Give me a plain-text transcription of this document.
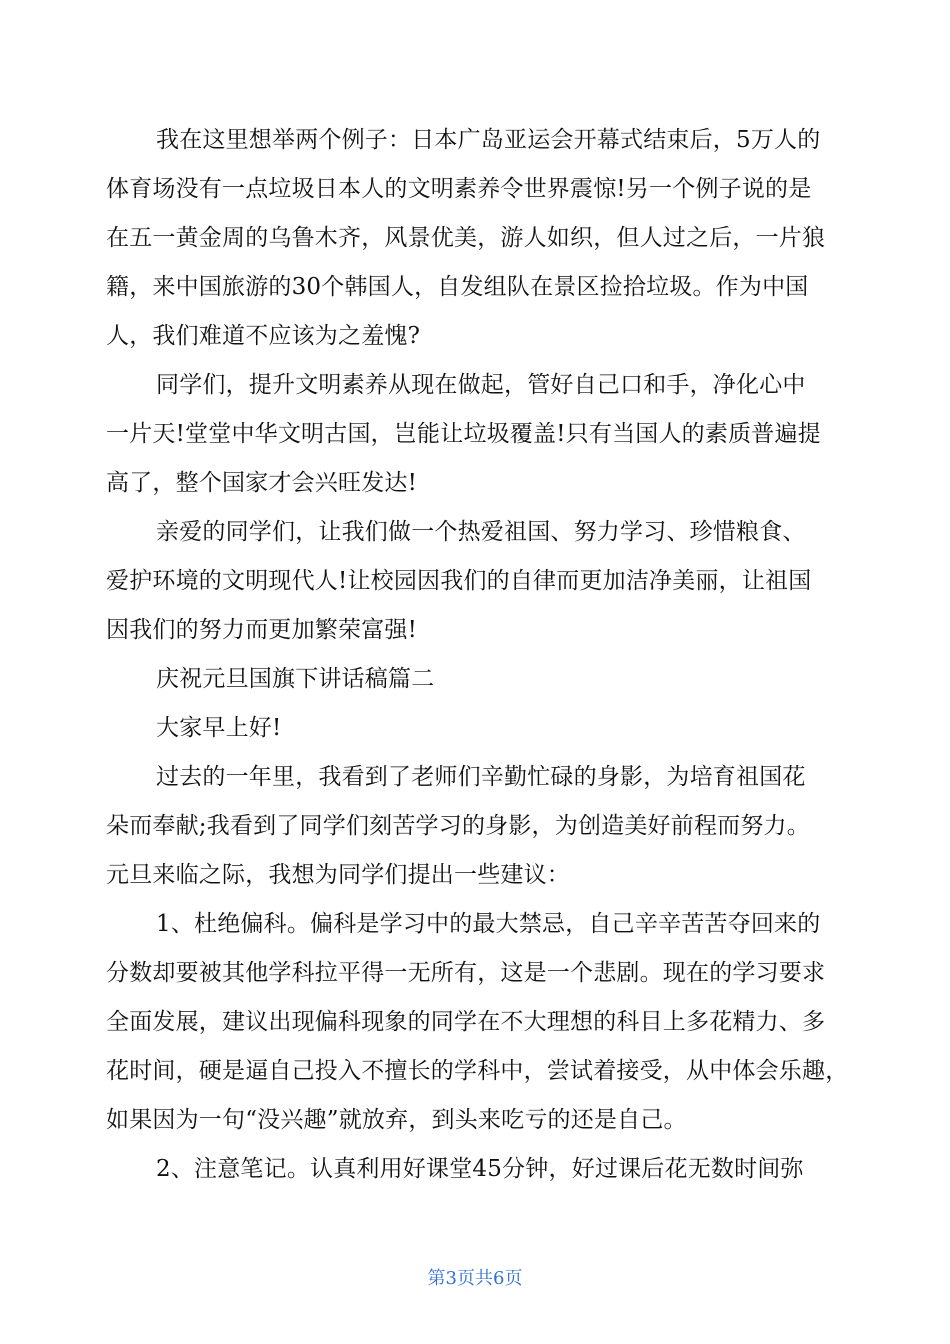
我在这里想举两个例子：日本广岛亚运会开幕式结束后，5万人的
体育场没有一点垃圾日本人的文明素养令世界震惊!另一个例子说的是
在五一黄金周的乌鲁木齐，风景优美，游人如织，但人过之后，一片狼
籍，来中国旅游的30个韩国人，自发组队在景区捡拾垃圾。作为中国
人，我们难道不应该为之羞愧?
同学们，提升文明素养从现在做起，管好自己口和手，净化心中
一片天!堂堂中华文明古国，岂能让垃圾覆盖!只有当国人的素质普遍提
高了，整个国家才会兴旺发达!
亲爱的同学们，让我们做一个热爱祖国、努力学习、珍惜粮食、
爱护环境的文明现代人!让校园因我们的自律而更加洁净美丽，让祖国
因我们的努力而更加繁荣富强!
庆祝元旦国旗下讲话稿篇二
大家早上好!
过去的一年里，我看到了老师们辛勤忙碌的身影，为培育祖国花
朵而奉献;我看到了同学们刻苦学习的身影，为创造美好前程而努力。
元旦来临之际，我想为同学们提出一些建议：
1、杜绝偏科。偏科是学习中的最大禁忌，自己辛辛苦苦夺回来的
分数却要被其他学科拉平得一无所有，这是一个悲剧。现在的学习要求
全面发展，建议出现偏科现象的同学在不大理想的科目上多花精力、多
花时间，硬是逼自己投入不擅长的学科中，尝试着接受，从中体会乐趣，
如果因为一句“没兴趣”就放弃，到头来吃亏的还是自己。
2、注意笔记。认真利用好课堂45分钟，好过课后花无数时间弥
第3页共6页
